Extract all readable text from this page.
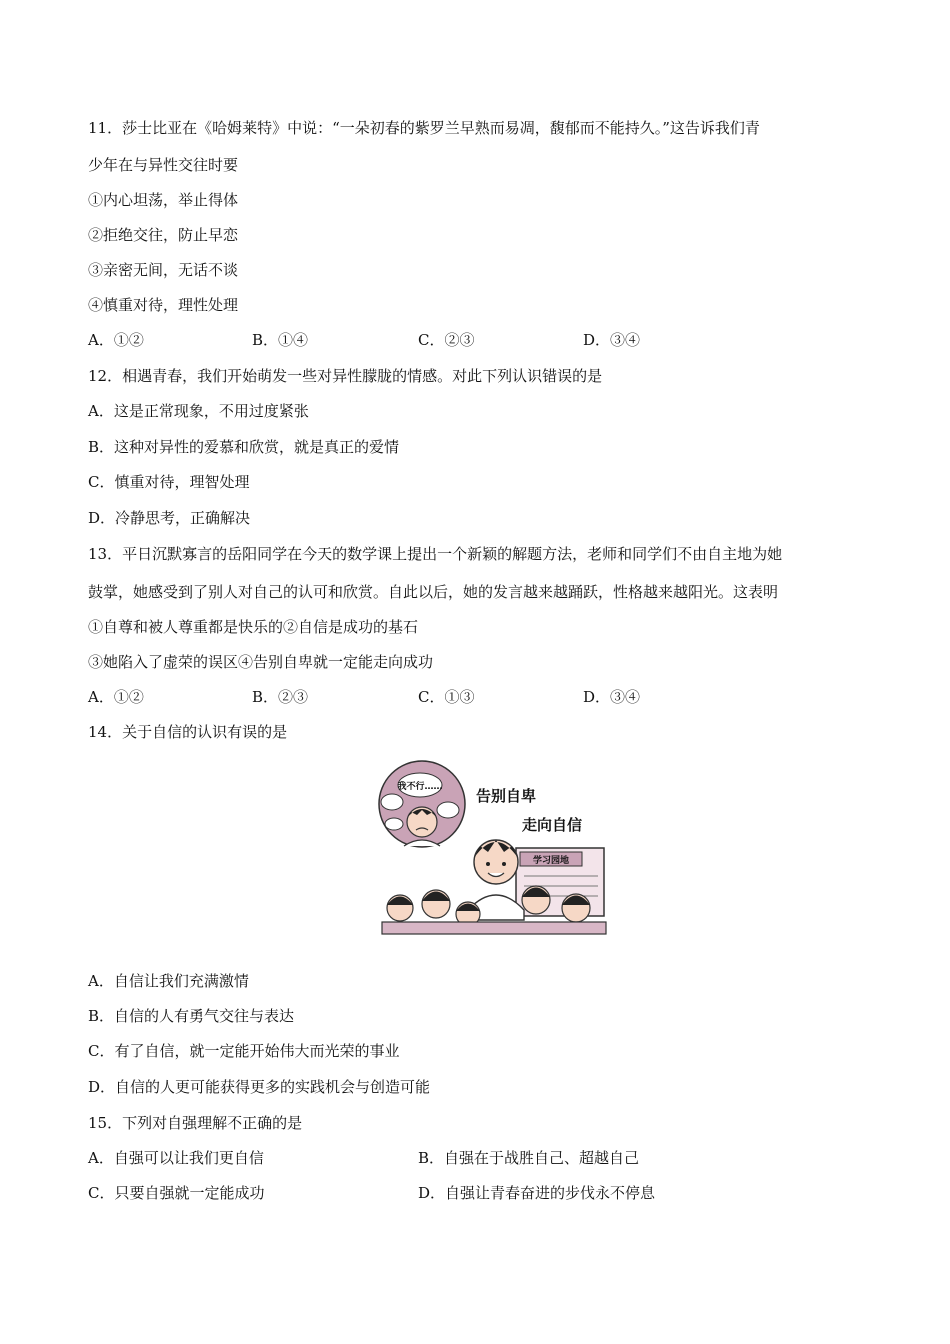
11．莎士比亚在《哈姆莱特》中说：“一朵初春的紫罗兰早熟而易凋，馥郁而不能持久。”这告诉我们青
少年在与异性交往时要
①内心坦荡，举止得体
②拒绝交往，防止早恋
③亲密无间，无话不谈
④慎重对待，理性处理
A．①②	B．①④	C．②③	D．③④
12．相遇青春，我们开始萌发一些对异性朦胧的情感。对此下列认识错误的是
A．这是正常现象，不用过度紧张
B．这种对异性的爱慕和欣赏，就是真正的爱情
C．慎重对待，理智处理
D．冷静思考，正确解决
13．平日沉默寡言的岳阳同学在今天的数学课上提出一个新颖的解题方法，老师和同学们不由自主地为她
鼓掌，她感受到了别人对自己的认可和欣赏。自此以后，她的发言越来越踊跃，性格越来越阳光。这表明
①自尊和被人尊重都是快乐的②自信是成功的基石
③她陷入了虚荣的误区④告别自卑就一定能走向成功
A．①②	B．②③	C．①③	D．③④
14．关于自信的认识有误的是
我不行…… 告别自卑
走向自信
学习园地
A．自信让我们充满激情
B．自信的人有勇气交往与表达
C．有了自信，就一定能开始伟大而光荣的事业
D．自信的人更可能获得更多的实践机会与创造可能
15．下列对自强理解不正确的是
A．自强可以让我们更自信	B．自强在于战胜自己、超越自己
C．只要自强就一定能成功	D．自强让青春奋进的步伐永不停息
